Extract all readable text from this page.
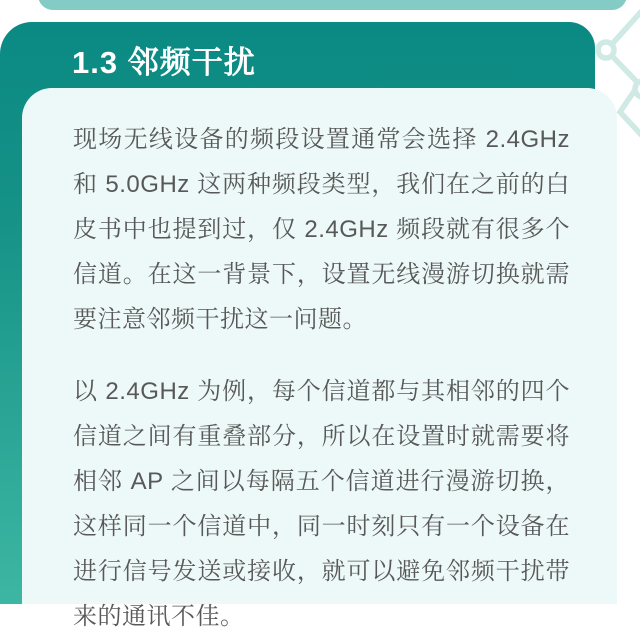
1.3 邻频干扰

现场无线设备的频段设置通常会选择 2.4GHz 和 5.0GHz 这两种频段类型，我们在之前的白皮书中也提到过，仅 2.4GHz 频段就有很多个信道。在这一背景下，设置无线漫游切换就需要注意邻频干扰这一问题。

以 2.4GHz 为例，每个信道都与其相邻的四个信道之间有重叠部分，所以在设置时就需要将相邻 AP 之间以每隔五个信道进行漫游切换，这样同一个信道中，同一时刻只有一个设备在进行信号发送或接收，就可以避免邻频干扰带来的通讯不佳。
